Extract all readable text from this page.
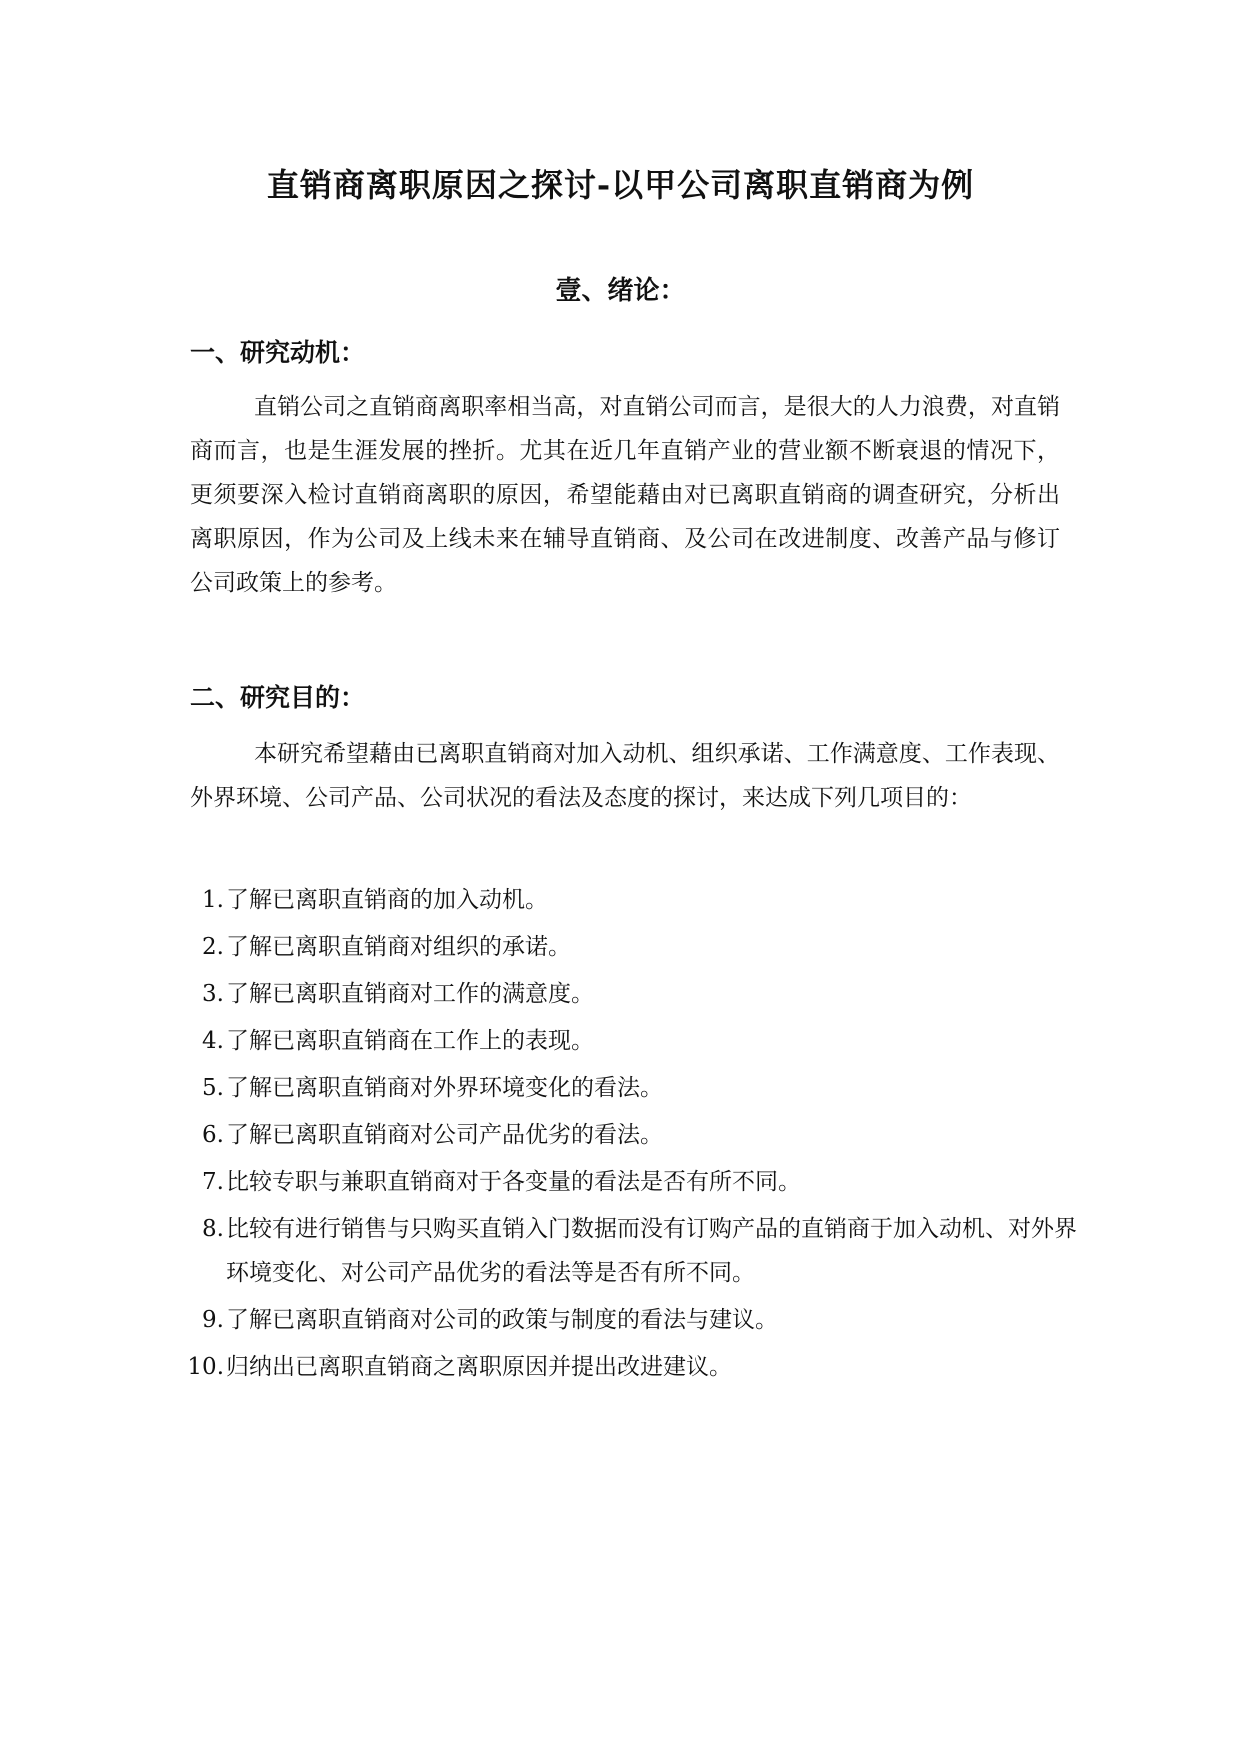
直销商离职原因之探讨-以甲公司离职直销商为例
壹、绪论：
一、研究动机：

直销公司之直销商离职率相当高，对直销公司而言，是很大的人力浪费，对直销商而言，也是生涯发展的挫折。尤其在近几年直销产业的营业额不断衰退的情况下，更须要深入检讨直销商离职的原因，希望能藉由对已离职直销商的调查研究，分析出离职原因，作为公司及上线未来在辅导直销商、及公司在改进制度、改善产品与修订公司政策上的参考。

二、研究目的：

本研究希望藉由已离职直销商对加入动机、组织承诺、工作满意度、工作表现、外界环境、公司产品、公司状况的看法及态度的探讨，来达成下列几项目的：

1. 了解已离职直销商的加入动机。
2. 了解已离职直销商对组织的承诺。
3. 了解已离职直销商对工作的满意度。
4. 了解已离职直销商在工作上的表现。
5. 了解已离职直销商对外界环境变化的看法。
6. 了解已离职直销商对公司产品优劣的看法。
7. 比较专职与兼职直销商对于各变量的看法是否有所不同。
8. 比较有进行销售与只购买直销入门数据而没有订购产品的直销商于加入动机、对外界环境变化、对公司产品优劣的看法等是否有所不同。
9. 了解已离职直销商对公司的政策与制度的看法与建议。
10. 归纳出已离职直销商之离职原因并提出改进建议。
